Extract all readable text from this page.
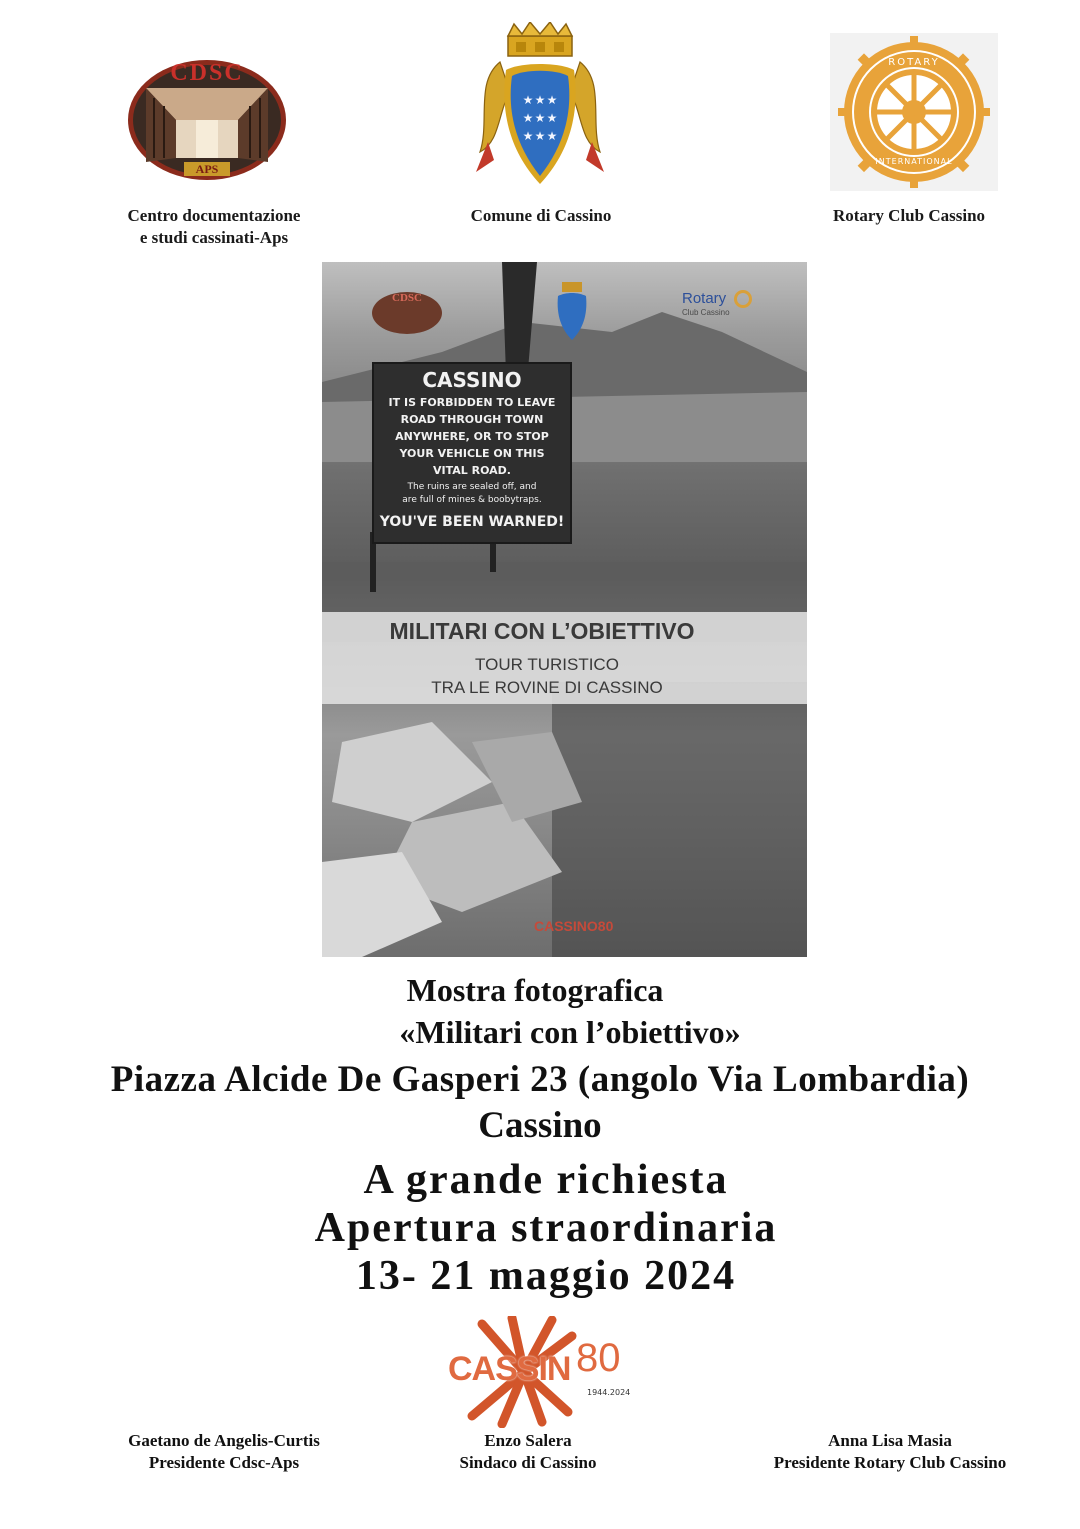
CDSC
APS
★ ★ ★
★ ★ ★
★ ★ ★
ROTARY
INTERNATIONAL
Centro documentazione
e studi cassinati-Aps
Comune di Cassino	Rotary Club Cassino
CDSC	Rotary
Club Cassino
CASSINO
IT IS FORBIDDEN TO LEAVE
ROAD THROUGH TOWN
ANYWHERE, OR TO STOP
YOUR VEHICLE ON THIS
VITAL ROAD.
The ruins are sealed off, and
are full of mines & boobytraps.
YOU'VE BEEN WARNED!
MILITARI CON L’OBIETTIVO
TOUR TURISTICO
TRA LE ROVINE DI CASSINO
CASSINO80
Mostra fotografica
«Militari con l’obiettivo»
Piazza Alcide De Gasperi 23 (angolo Via Lombardia)
Cassino
A grande richiesta
Apertura straordinaria
13- 21 maggio 2024
CASSIN 80
1944.2024
Gaetano de Angelis-Curtis
Presidente Cdsc-Aps
Enzo Salera
Sindaco di Cassino
Anna Lisa Masia
Presidente Rotary Club Cassino
